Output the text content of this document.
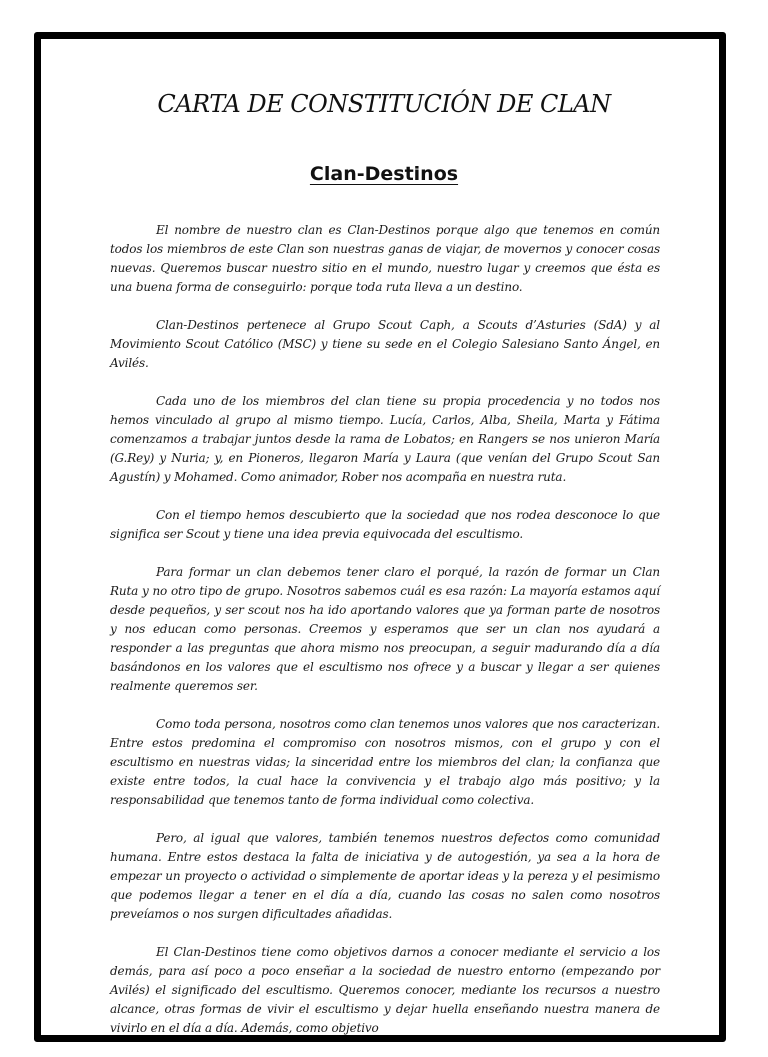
CARTA DE CONSTITUCIÓN DE CLAN
Clan-Destinos

El nombre de nuestro clan es Clan-Destinos porque algo que tenemos en común todos los miembros de este Clan son nuestras ganas de viajar, de movernos y conocer cosas nuevas. Queremos buscar nuestro sitio en el mundo, nuestro lugar y creemos que ésta es una buena forma de conseguirlo: porque toda ruta lleva a un destino.

Clan-Destinos pertenece al Grupo Scout Caph, a Scouts d’Asturies (SdA) y al Movimiento Scout Católico (MSC) y tiene su sede en el Colegio Salesiano Santo Ángel, en Avilés.

Cada uno de los miembros del clan tiene su propia procedencia y no todos nos hemos vinculado al grupo al mismo tiempo. Lucía, Carlos, Alba, Sheila, Marta y Fátima comenzamos a trabajar juntos desde la rama de Lobatos; en Rangers se nos unieron María (G.Rey) y Nuria; y, en Pioneros, llegaron María y Laura (que venían del Grupo Scout San Agustín) y Mohamed. Como animador, Rober nos acompaña en nuestra ruta.

Con el tiempo hemos descubierto que la sociedad que nos rodea desconoce lo que significa ser Scout y tiene una idea previa equivocada del escultismo.

Para formar un clan debemos tener claro el porqué, la razón de formar un Clan Ruta y no otro tipo de grupo. Nosotros sabemos cuál es esa razón: La mayoría estamos aquí desde pequeños, y ser scout nos ha ido aportando valores que ya forman parte de nosotros y nos educan como personas. Creemos y esperamos que ser un clan nos ayudará a responder a las preguntas que ahora mismo nos preocupan, a seguir madurando día a día basándonos en los valores que el escultismo nos ofrece y a buscar y llegar a ser quienes realmente queremos ser.

Como toda persona, nosotros como clan tenemos unos valores que nos caracterizan. Entre estos predomina el compromiso con nosotros mismos, con el grupo y con el escultismo en nuestras vidas; la sinceridad entre los miembros del clan; la confianza que existe entre todos, la cual hace la convivencia y el trabajo algo más positivo; y la responsabilidad que tenemos tanto de forma individual como colectiva.

Pero, al igual que valores, también tenemos nuestros defectos como comunidad humana. Entre estos destaca la falta de iniciativa y de autogestión, ya sea a la hora de empezar un proyecto o actividad o simplemente de aportar ideas y la pereza y el pesimismo que podemos llegar a tener en el día a día, cuando las cosas no salen como nosotros preveíamos o nos surgen dificultades añadidas.

El Clan-Destinos tiene como objetivos darnos a conocer mediante el servicio a los demás, para así poco a poco enseñar a la sociedad de nuestro entorno (empezando por Avilés) el significado del escultismo. Queremos conocer, mediante los recursos a nuestro alcance, otras formas de vivir el escultismo y dejar huella enseñando nuestra manera de vivirlo en el día a día. Además, como objetivo
